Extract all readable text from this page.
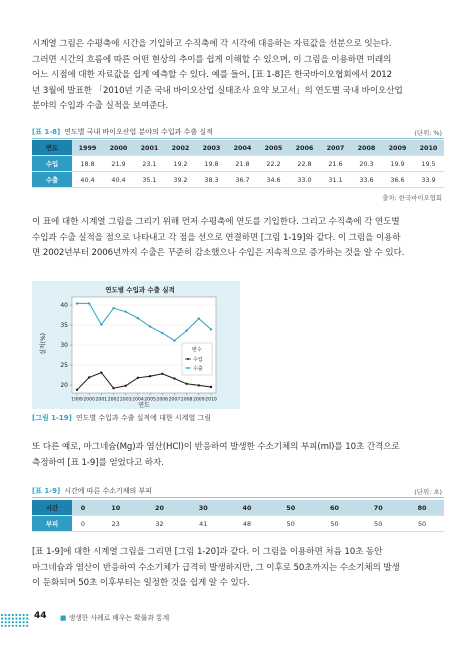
시계열 그림은 수평축에 시간을 기입하고 수직축에 각 시각에 대응하는 자료값을 선분으로 잇는다.
그러면 시간의 흐름에 따른 어떤 현상의 추이를 쉽게 이해할 수 있으며, 이 그림을 이용하면 미래의
어느 시점에 대한 자료값을 쉽게 예측할 수 있다. 예를 들어, [표 1-8]은 한국바이오협회에서 2012
년 3월에 발표한 「2010년 기준 국내 바이오산업 실태조사 요약 보고서」의 연도별 국내 바이오산업
분야의 수입과 수출 실적을 보여준다.
[표 1-8] 연도별 국내 바이오산업 분야의 수입과 수출 실적	(단위: %)
연도	1999	2000	2001	2002	2003	2004	2005	2006	2007	2008	2009	2010
수입	18.8	21.9	23.1	19.2	19.8	21.8	22.2	22.8	21.6	20.3	19.9	19.5
수출	40.4	40.4	35.1	39.2	38.3	36.7	34.6	33.0	31.1	33.6	36.6	33.9
출처: 한국바이오협회
이 표에 대한 시계열 그림을 그리기 위해 먼저 수평축에 연도를 기입한다. 그리고 수직축에 각 연도별
수입과 수출 실적을 점으로 나타내고 각 점을 선으로 연결하면 [그림 1-19]와 같다. 이 그림을 이용하
면 2002년부터 2006년까지 수출은 꾸준히 감소했으나 수입은 지속적으로 증가하는 것을 알 수 있다.
연도별 수입과 수출 실적
실적(%)
연도
20
25
30
35
40
1999 2000 2001 2002 2003 2004 2005 2006 2007 2008 2009 2010
변수
수입
수출
[그림 1-19] 연도별 수입과 수출 실적에 대한 시계열 그림
또 다른 예로, 마그네슘(Mg)과 염산(HCl)이 반응하여 발생한 수소기체의 부피(ml)를 10초 간격으로
측정하여 [표 1-9]를 얻었다고 하자.
[표 1-9] 시간에 따른 수소기체의 부피	(단위: 초)
시간	0	10	20	30	40	50	60	70	80
부피	0	23	32	41	48	50	50	50	50
[표 1-9]에 대한 시계열 그림을 그리면 [그림 1-20]과 같다. 이 그림을 이용하면 처음 10초 동안
마그네슘과 염산이 반응하여 수소기체가 급격히 발생하지만, 그 이후로 50초까지는 수소기체의 발생
이 둔화되며 50초 이후부터는 일정한 것을 쉽게 알 수 있다.
44 ■ 생생한 사례로 배우는 확률과 통계
